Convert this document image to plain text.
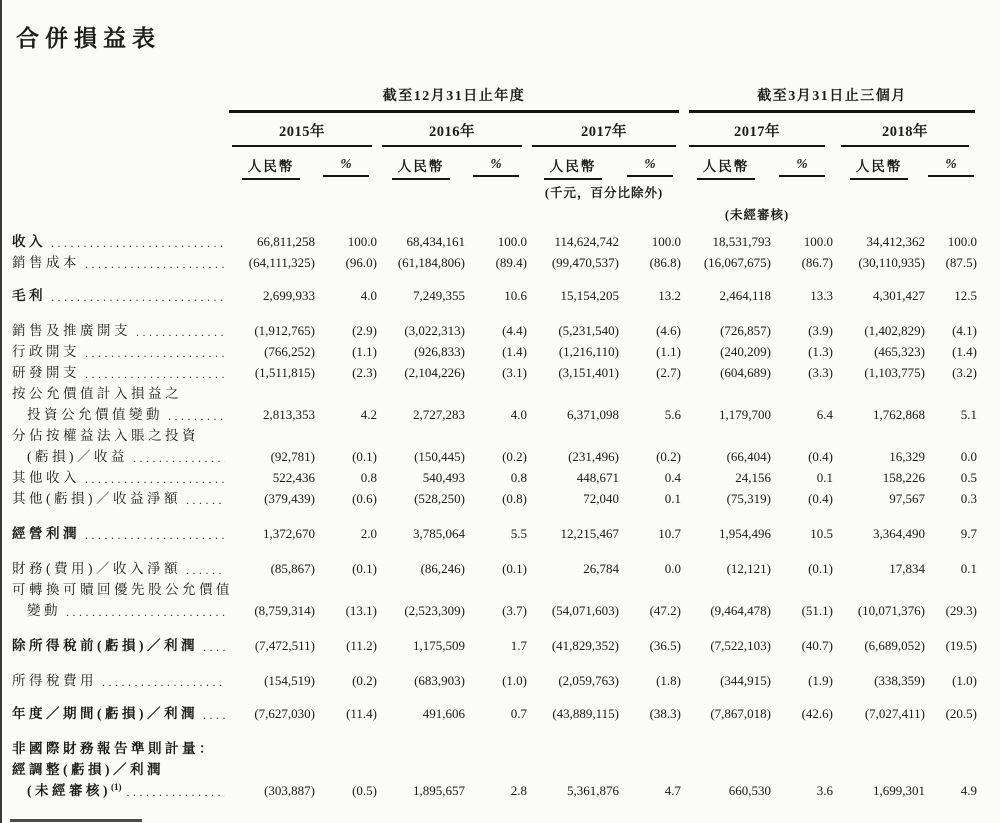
合併損益表
截至12月31日止年度	截至3月31日止三個月
2015年	2016年	2017年	2017年	2018年
人民幣	%	人民幣	%	人民幣	%	人民幣	%	人民幣	%
(千元，百分比除外)
(未經審核)
收入 .....	66,811,258	100.0	68,434,161	100.0	114,624,742	100.0	18,531,793	100.0	34,412,362	100.0
銷售成本 .....	(64,111,325)	(96.0)	(61,184,806)	(89.4)	(99,470,537)	(86.8)	(16,067,675)	(86.7)	(30,110,935)	(87.5)
毛利 .....	2,699,933	4.0	7,249,355	10.6	15,154,205	13.2	2,464,118	13.3	4,301,427	12.5
銷售及推廣開支 .....	(1,912,765)	(2.9)	(3,022,313)	(4.4)	(5,231,540)	(4.6)	(726,857)	(3.9)	(1,402,829)	(4.1)
行政開支 .....	(766,252)	(1.1)	(926,833)	(1.4)	(1,216,110)	(1.1)	(240,209)	(1.3)	(465,323)	(1.4)
研發開支 .....	(1,511,815)	(2.3)	(2,104,226)	(3.1)	(3,151,401)	(2.7)	(604,689)	(3.3)	(1,103,775)	(3.2)
按公允價值計入損益之
投資公允價值變動 .....	2,813,353	4.2	2,727,283	4.0	6,371,098	5.6	1,179,700	6.4	1,762,868	5.1
分佔按權益法入賬之投資
(虧損)／收益 .....	(92,781)	(0.1)	(150,445)	(0.2)	(231,496)	(0.2)	(66,404)	(0.4)	16,329	0.0
其他收入 .....	522,436	0.8	540,493	0.8	448,671	0.4	24,156	0.1	158,226	0.5
其他(虧損)／收益淨額 .....	(379,439)	(0.6)	(528,250)	(0.8)	72,040	0.1	(75,319)	(0.4)	97,567	0.3
經營利潤 .....	1,372,670	2.0	3,785,064	5.5	12,215,467	10.7	1,954,496	10.5	3,364,490	9.7
財務(費用)／收入淨額 .....	(85,867)	(0.1)	(86,246)	(0.1)	26,784	0.0	(12,121)	(0.1)	17,834	0.1
可轉換可贖回優先股公允價值
變動 .....	(8,759,314)	(13.1)	(2,523,309)	(3.7)	(54,071,603)	(47.2)	(9,464,478)	(51.1)	(10,071,376)	(29.3)
除所得稅前(虧損)／利潤 .....	(7,472,511)	(11.2)	1,175,509	1.7	(41,829,352)	(36.5)	(7,522,103)	(40.7)	(6,689,052)	(19.5)
所得稅費用 .....	(154,519)	(0.2)	(683,903)	(1.0)	(2,059,763)	(1.8)	(344,915)	(1.9)	(338,359)	(1.0)
年度／期間(虧損)／利潤 .....	(7,627,030)	(11.4)	491,606	0.7	(43,889,115)	(38.3)	(7,867,018)	(42.6)	(7,027,411)	(20.5)
非國際財務報告準則計量：
經調整(虧損)／利潤
(未經審核)$^{(1)}$ .....	(303,887)	(0.5)	1,895,657	2.8	5,361,876	4.7	660,530	3.6	1,699,301	4.9
